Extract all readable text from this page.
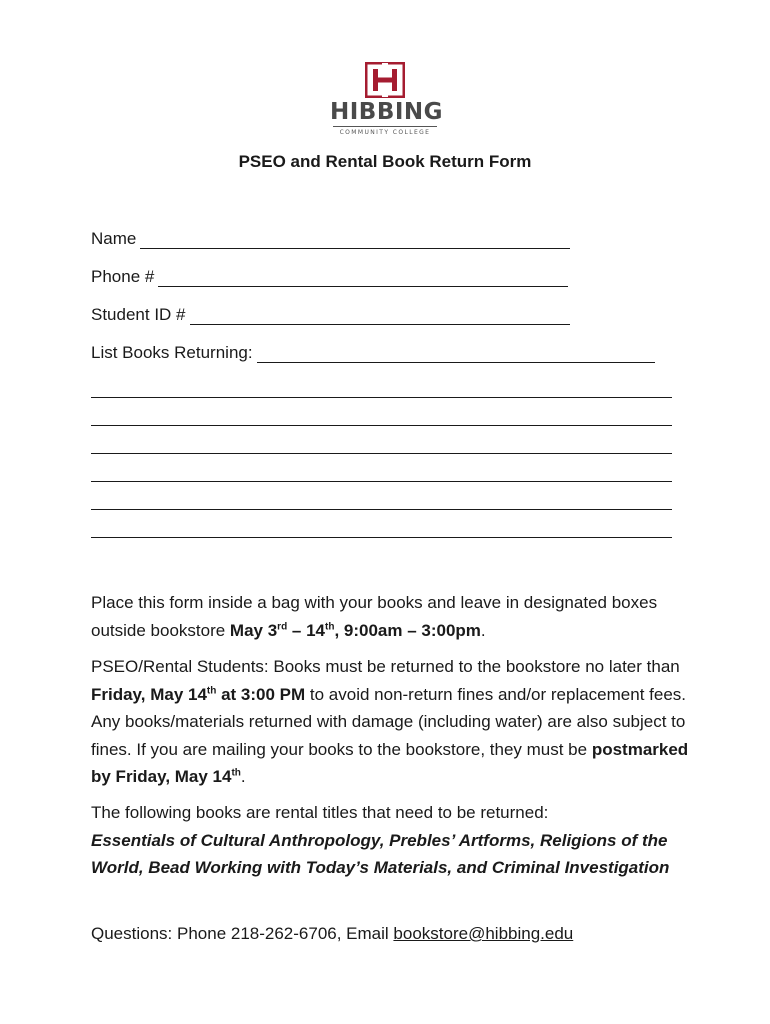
HIBBING
COMMUNITY COLLEGE
PSEO and Rental Book Return Form
Name
Phone #
Student ID #
List Books Returning:
Place this form inside a bag with your books and leave in designated boxes outside bookstore May 3rd – 14th, 9:00am – 3:00pm.
PSEO/Rental Students: Books must be returned to the bookstore no later than Friday, May 14th at 3:00 PM to avoid non-return fines and/or replacement fees. Any books/materials returned with damage (including water) are also subject to fines. If you are mailing your books to the bookstore, they must be postmarked by Friday, May 14th.
The following books are rental titles that need to be returned:
Essentials of Cultural Anthropology, Prebles’ Artforms, Religions of the World, Bead Working with Today’s Materials, and Criminal Investigation
Questions: Phone 218-262-6706, Email bookstore@hibbing.edu
